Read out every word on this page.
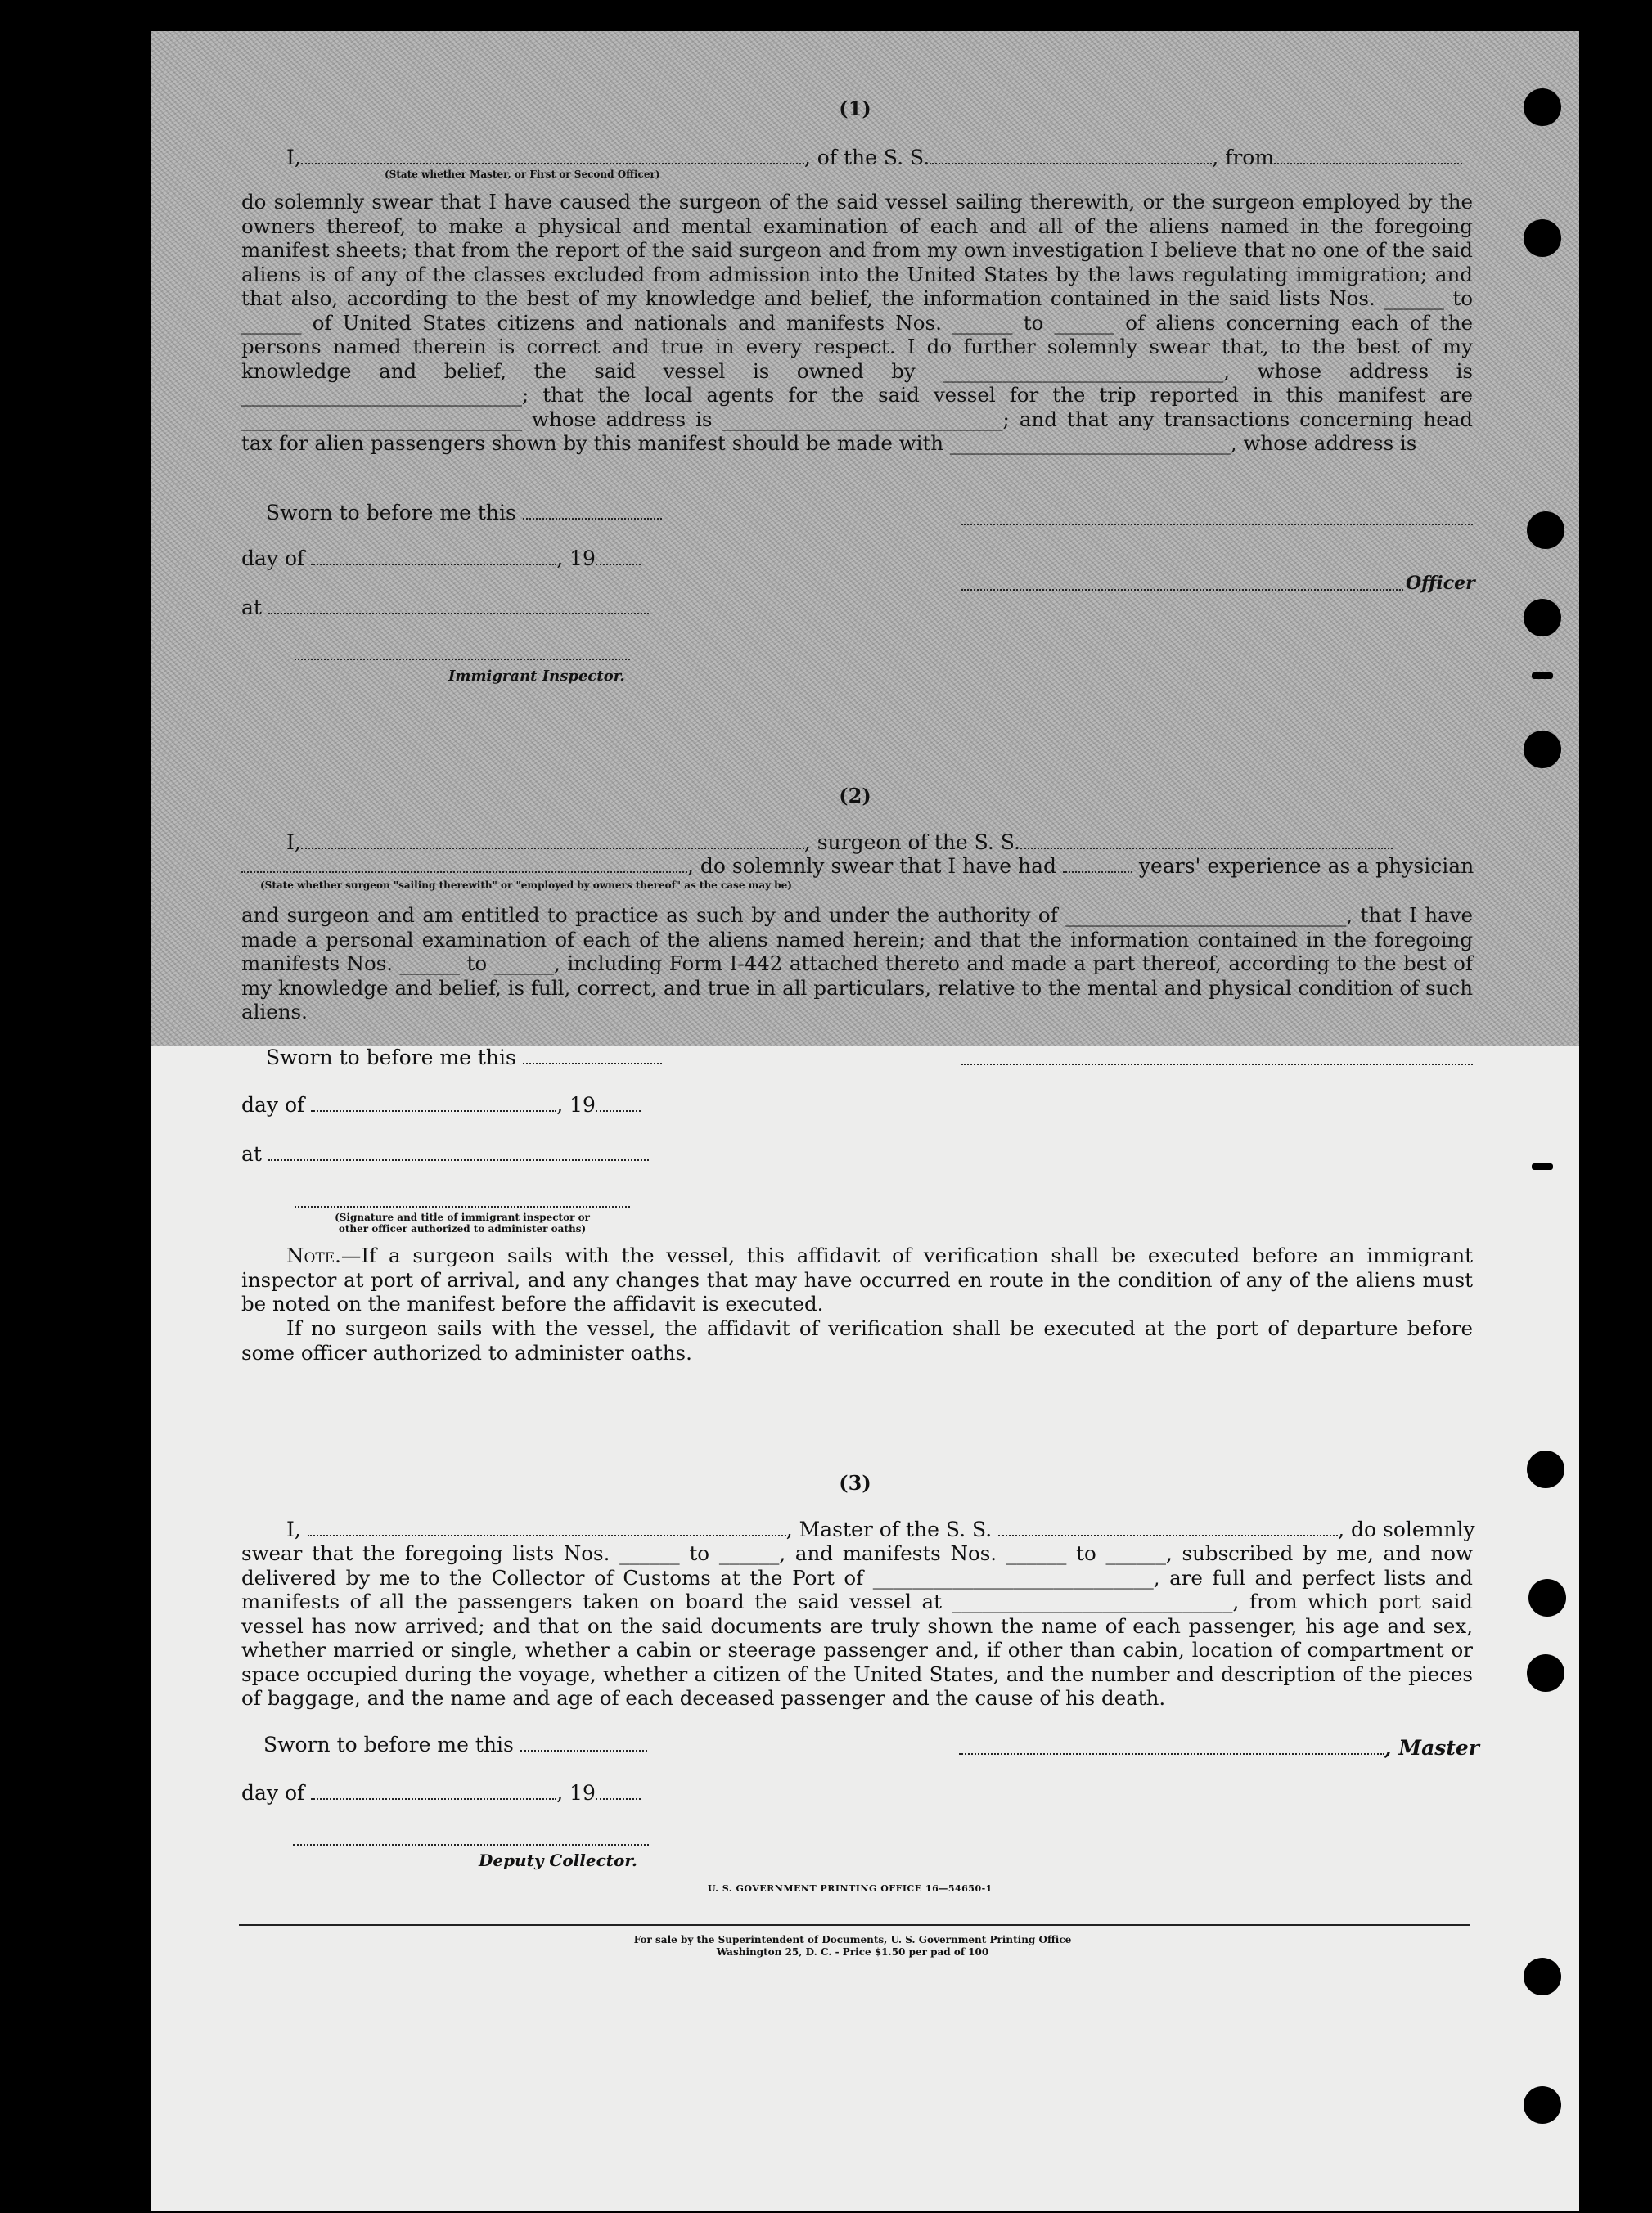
(1)
I,	, of the S. S.	, from
(State whether Master, or First or Second Officer)
do solemnly swear that I have caused the surgeon of the said vessel sailing therewith, or the surgeon employed by the owners thereof, to make a physical and mental examination of each and all of the aliens named in the foregoing manifest sheets; that from the report of the said surgeon and from my own investigation I believe that no one of the said aliens is of any of the classes excluded from admission into the United States by the laws regulating immigration; and that also, according to the best of my knowledge and belief, the information contained in the said lists Nos. ______ to ______ of United States citizens and nationals and manifests Nos. ______ to ______ of aliens concerning each of the persons named therein is correct and true in every respect. I do further solemnly swear that, to the best of my knowledge and belief, the said vessel is owned by ____________________________, whose address is ____________________________; that the local agents for the said vessel for the trip reported in this manifest are ____________________________ whose address is ____________________________; and that any transactions concerning head tax for alien passengers shown by this manifest should be made with ____________________________, whose address is
Sworn to before me this
day of	, 19
Officer
at
Immigrant Inspector.
(2)
I,	, surgeon of the S. S.
, do solemnly swear that I have had	years' experience as a physician
(State whether surgeon "sailing therewith" or "employed by owners thereof" as the case may be)
and surgeon and am entitled to practice as such by and under the authority of ____________________________, that I have made a personal examination of each of the aliens named herein; and that the information contained in the foregoing manifests Nos. ______ to ______, including Form I-442 attached thereto and made a part thereof, according to the best of my knowledge and belief, is full, correct, and true in all particulars, relative to the mental and physical condition of such aliens.
Sworn to before me this
day of	, 19
at
(Signature and title of immigrant inspector or
other officer authorized to administer oaths)
Note.—If a surgeon sails with the vessel, this affidavit of verification shall be executed before an immigrant inspector at port of arrival, and any changes that may have occurred en route in the condition of any of the aliens must be noted on the manifest before the affidavit is executed.
If no surgeon sails with the vessel, the affidavit of verification shall be executed at the port of departure before some officer authorized to administer oaths.
(3)
I,	, Master of the S. S.	, do solemnly
swear that the foregoing lists Nos. ______ to ______, and manifests Nos. ______ to ______, subscribed by me, and now delivered by me to the Collector of Customs at the Port of ____________________________, are full and perfect lists and manifests of all the passengers taken on board the said vessel at ____________________________, from which port said vessel has now arrived; and that on the said documents are truly shown the name of each passenger, his age and sex, whether married or single, whether a cabin or steerage passenger and, if other than cabin, location of compartment or space occupied during the voyage, whether a citizen of the United States, and the number and description of the pieces of baggage, and the name and age of each deceased passenger and the cause of his death.
Sworn to before me this	, Master
day of	, 19
Deputy Collector.
U. S. GOVERNMENT PRINTING OFFICE 16—54650-1
For sale by the Superintendent of Documents, U. S. Government Printing Office
Washington 25, D. C. - Price $1.50 per pad of 100
